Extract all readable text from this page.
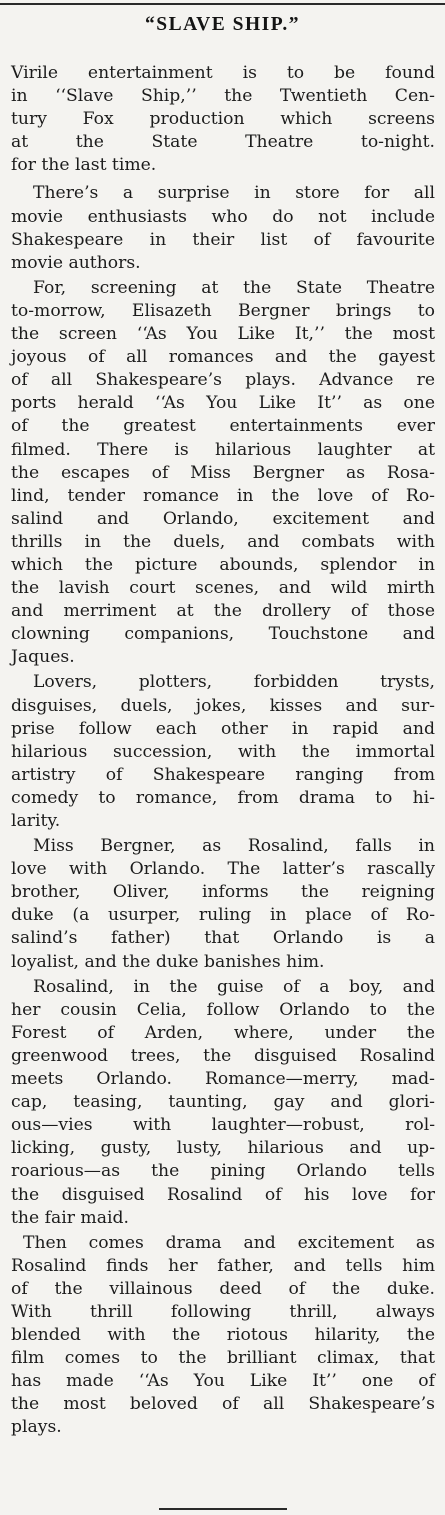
“SLAVE SHIP.”

Virile entertainment is to be found
in ‘‘Slave Ship,’’ the Twentieth Cen-
tury Fox production which screens
at the State Theatre to-night.
for the last time.

There’s a surprise in store for all
movie enthusiasts who do not include
Shakespeare in their list of favourite
movie authors.

For, screening at the State Theatre
to-morrow, Elisazeth Bergner brings to
the screen ‘‘As You Like It,’’ the most
joyous of all romances and the gayest
of all Shakespeare’s plays. Advance re
ports herald ‘‘As You Like It’’ as one
of the greatest entertainments ever
filmed. There is hilarious laughter at
the escapes of Miss Bergner as Rosa-
lind, tender romance in the love of Ro-
salind and Orlando, excitement and
thrills in the duels, and combats with
which the picture abounds, splendor in
the lavish court scenes, and wild mirth
and merriment at the drollery of those
clowning companions, Touchstone and
Jaques.

Lovers, plotters, forbidden trysts,
disguises, duels, jokes, kisses and sur-
prise follow each other in rapid and
hilarious succession, with the immortal
artistry of Shakespeare ranging from
comedy to romance, from drama to hi-
larity.

Miss Bergner, as Rosalind, falls in
love with Orlando. The latter’s rascally
brother, Oliver, informs the reigning
duke (a usurper, ruling in place of Ro-
salind’s father) that Orlando is a
loyalist, and the duke banishes him.

Rosalind, in the guise of a boy, and
her cousin Celia, follow Orlando to the
Forest of Arden, where, under the
greenwood trees, the disguised Rosalind
meets Orlando. Romance—merry, mad-
cap, teasing, taunting, gay and glori-
ous—vies with laughter—robust, rol-
licking, gusty, lusty, hilarious and up-
roarious—as the pining Orlando tells
the disguised Rosalind of his love for
the fair maid.

Then comes drama and excitement as
Rosalind finds her father, and tells him
of the villainous deed of the duke.
With thrill following thrill, always
blended with the riotous hilarity, the
film comes to the brilliant climax, that
has made ‘‘As You Like It’’ one of
the most beloved of all Shakespeare’s
plays.
